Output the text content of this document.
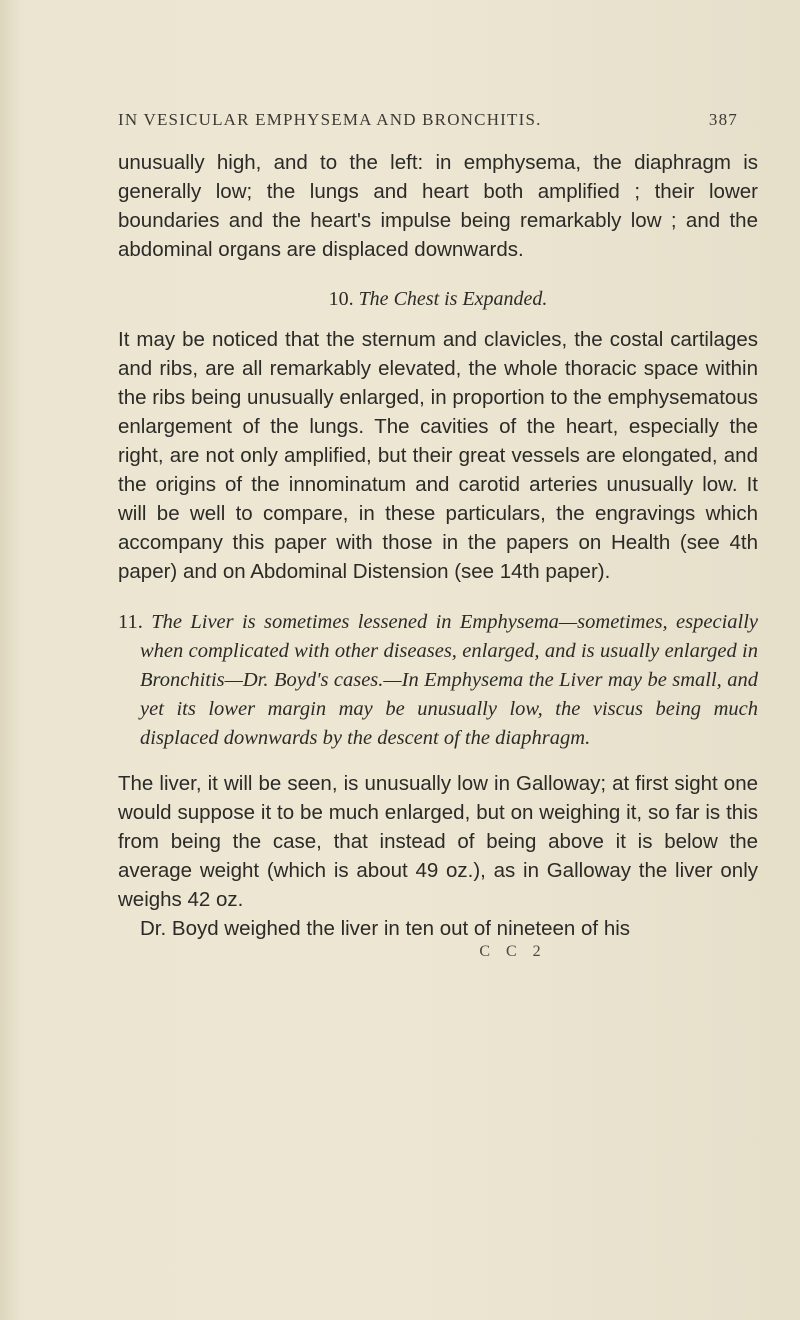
IN VESICULAR EMPHYSEMA AND BRONCHITIS.	387

unusually high, and to the left: in emphysema, the diaphragm is generally low; the lungs and heart both amplified ; their lower boundaries and the heart's impulse being remarkably low ; and the abdominal organs are displaced downwards.

10. The Chest is Expanded.

It may be noticed that the sternum and clavicles, the costal cartilages and ribs, are all remarkably elevated, the whole thoracic space within the ribs being unusually enlarged, in proportion to the emphysematous enlargement of the lungs. The cavities of the heart, especially the right, are not only amplified, but their great vessels are elongated, and the origins of the innominatum and carotid arteries unusually low. It will be well to compare, in these particulars, the engravings which accompany this paper with those in the papers on Health (see 4th paper) and on Abdominal Distension (see 14th paper).

11. The Liver is sometimes lessened in Emphysema—sometimes, especially when complicated with other diseases, enlarged, and is usually enlarged in Bronchitis—Dr. Boyd's cases.—In Emphysema the Liver may be small, and yet its lower margin may be unusually low, the viscus being much displaced downwards by the descent of the diaphragm.

The liver, it will be seen, is unusually low in Galloway; at first sight one would suppose it to be much enlarged, but on weighing it, so far is this from being the case, that instead of being above it is below the average weight (which is about 49 oz.), as in Galloway the liver only weighs 42 oz.

Dr. Boyd weighed the liver in ten out of nineteen of his

C C 2
